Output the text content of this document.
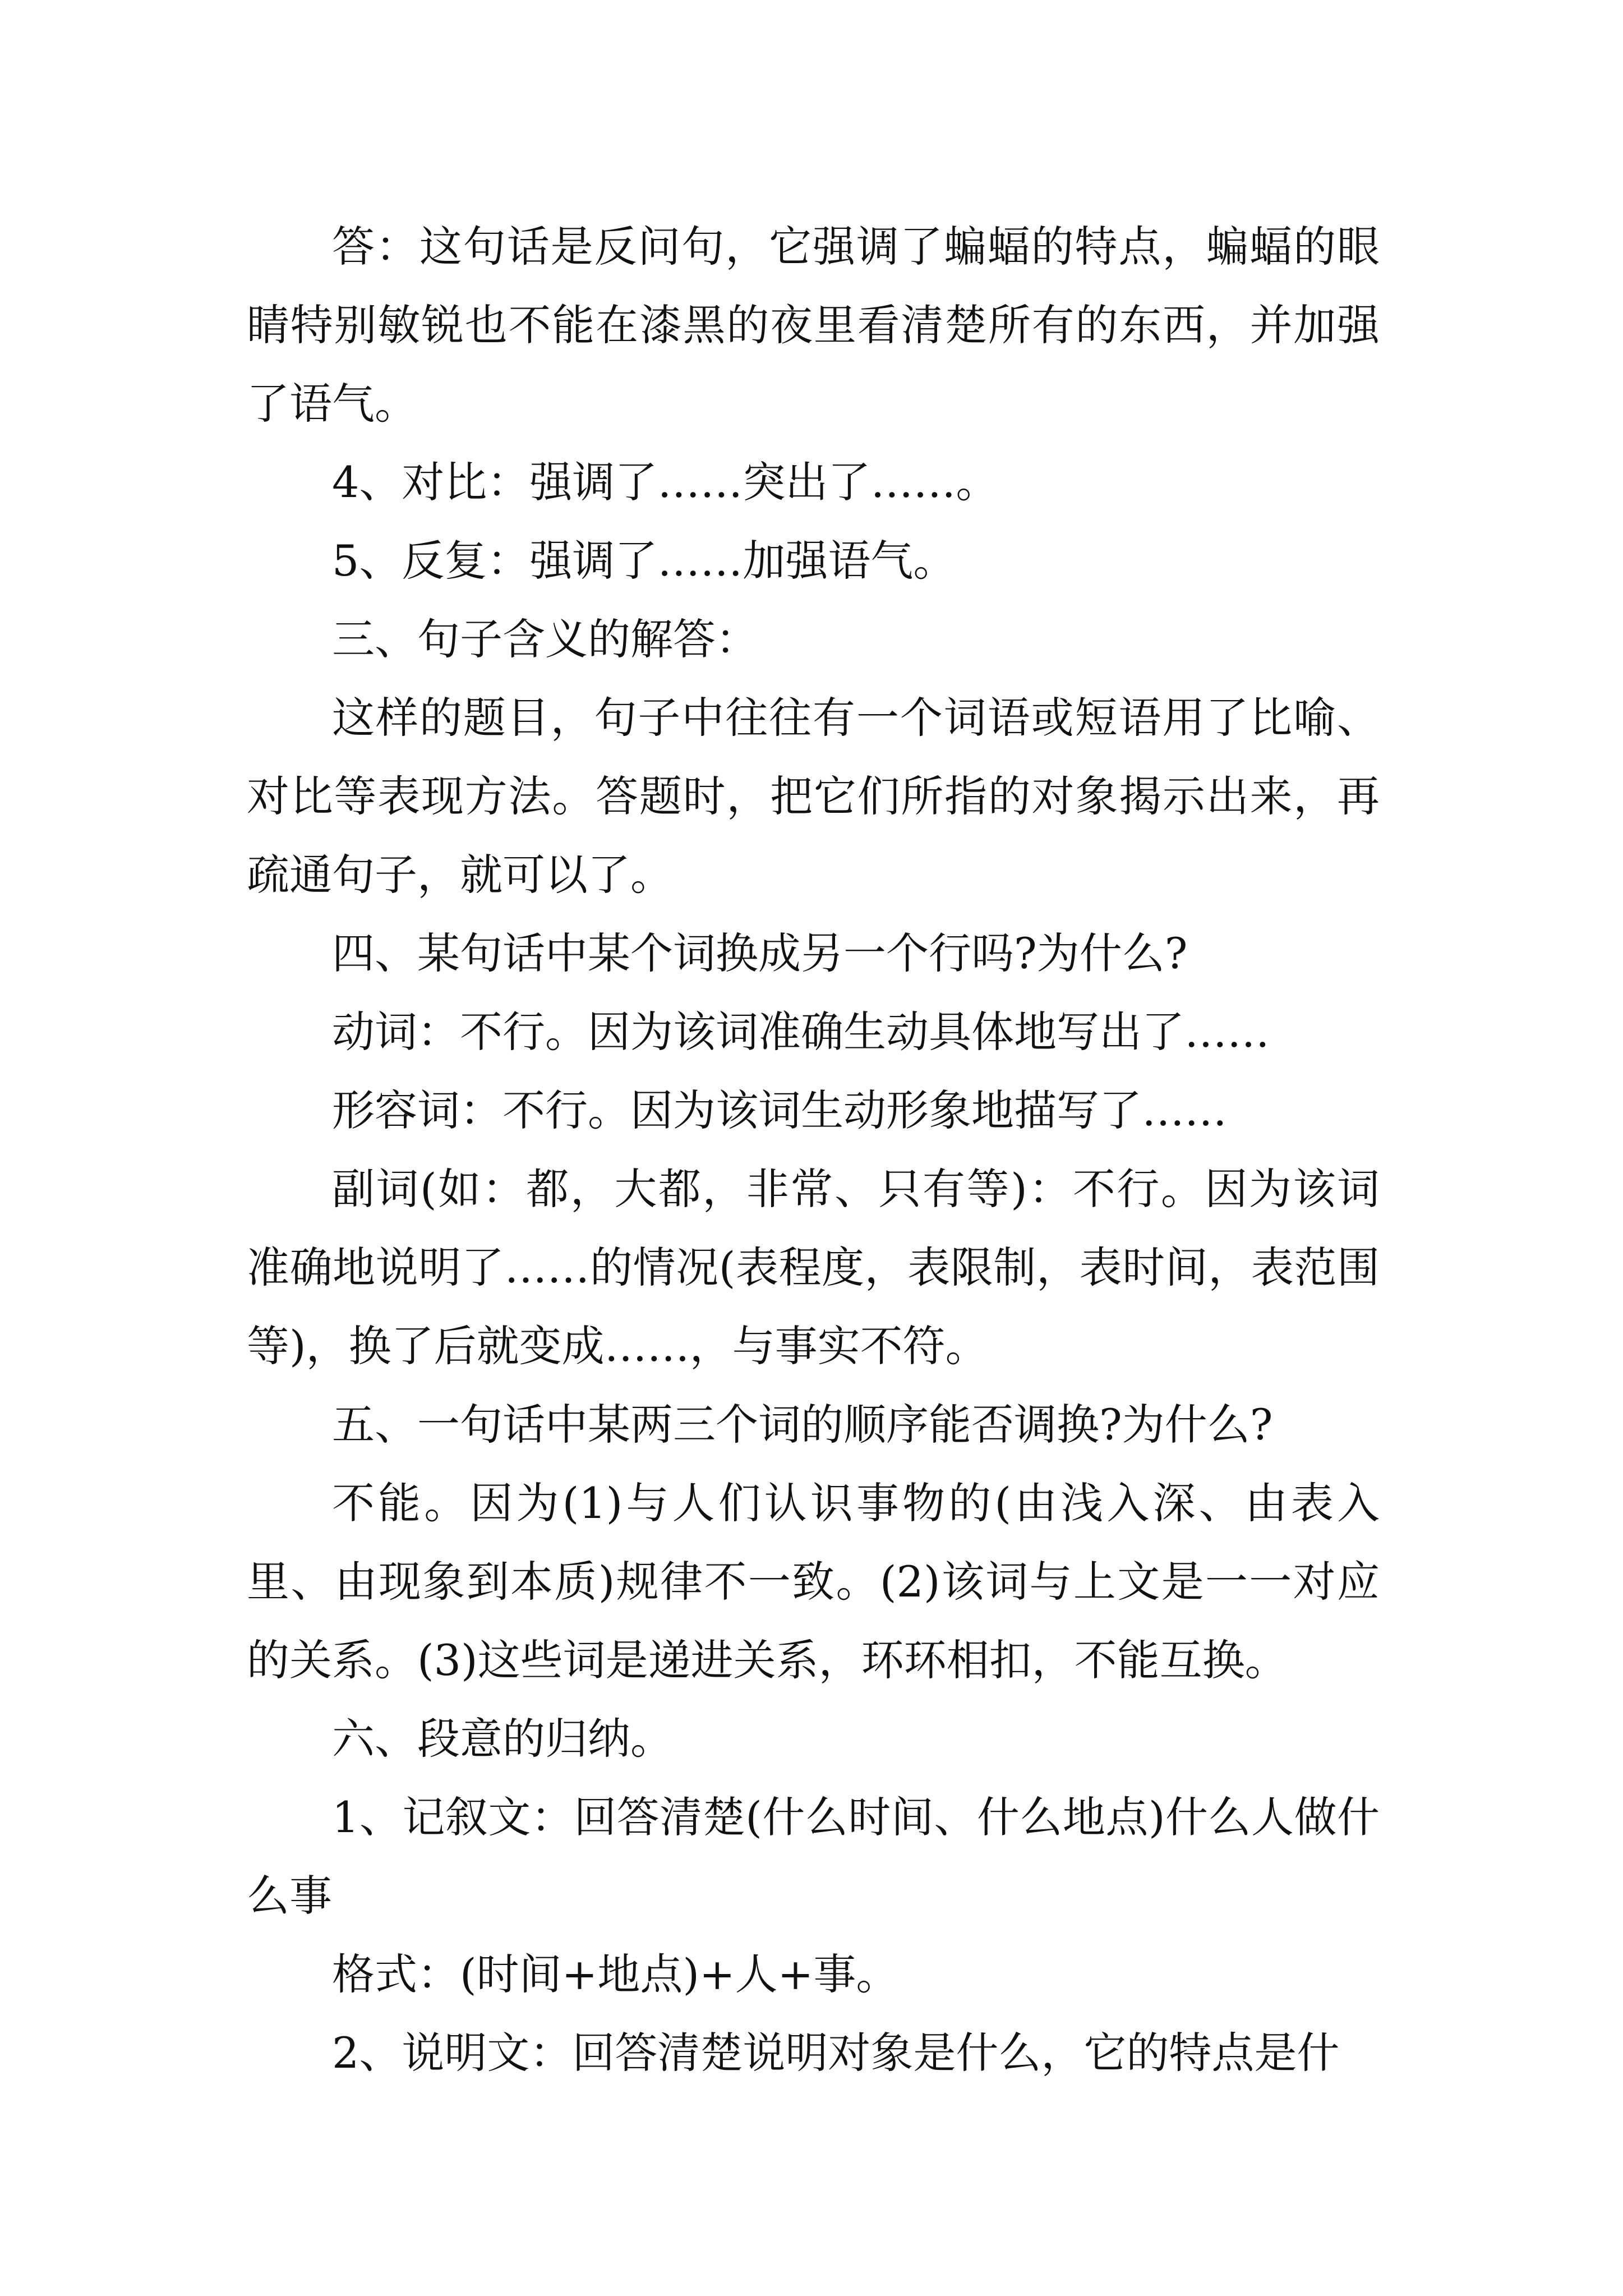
答：这句话是反问句，它强调了蝙蝠的特点，蝙蝠的眼睛特别敏锐也不能在漆黑的夜里看清楚所有的东西，并加强了语气。

4、对比：强调了……突出了……。

5、反复：强调了……加强语气。

三、句子含义的解答：

这样的题目，句子中往往有一个词语或短语用了比喻、对比等表现方法。答题时，把它们所指的对象揭示出来，再疏通句子，就可以了。

四、某句话中某个词换成另一个行吗?为什么?

动词：不行。因为该词准确生动具体地写出了……

形容词：不行。因为该词生动形象地描写了……

副词(如：都，大都，非常、只有等)：不行。因为该词准确地说明了……的情况(表程度，表限制，表时间，表范围等)，换了后就变成……，与事实不符。

五、一句话中某两三个词的顺序能否调换?为什么?

不能。因为(1)与人们认识事物的(由浅入深、由表入里、由现象到本质)规律不一致。(2)该词与上文是一一对应的关系。(3)这些词是递进关系，环环相扣，不能互换。

六、段意的归纳。

1、记叙文：回答清楚(什么时间、什么地点)什么人做什么事

格式：(时间+地点)+人+事。

2、说明文：回答清楚说明对象是什么，它的特点是什
